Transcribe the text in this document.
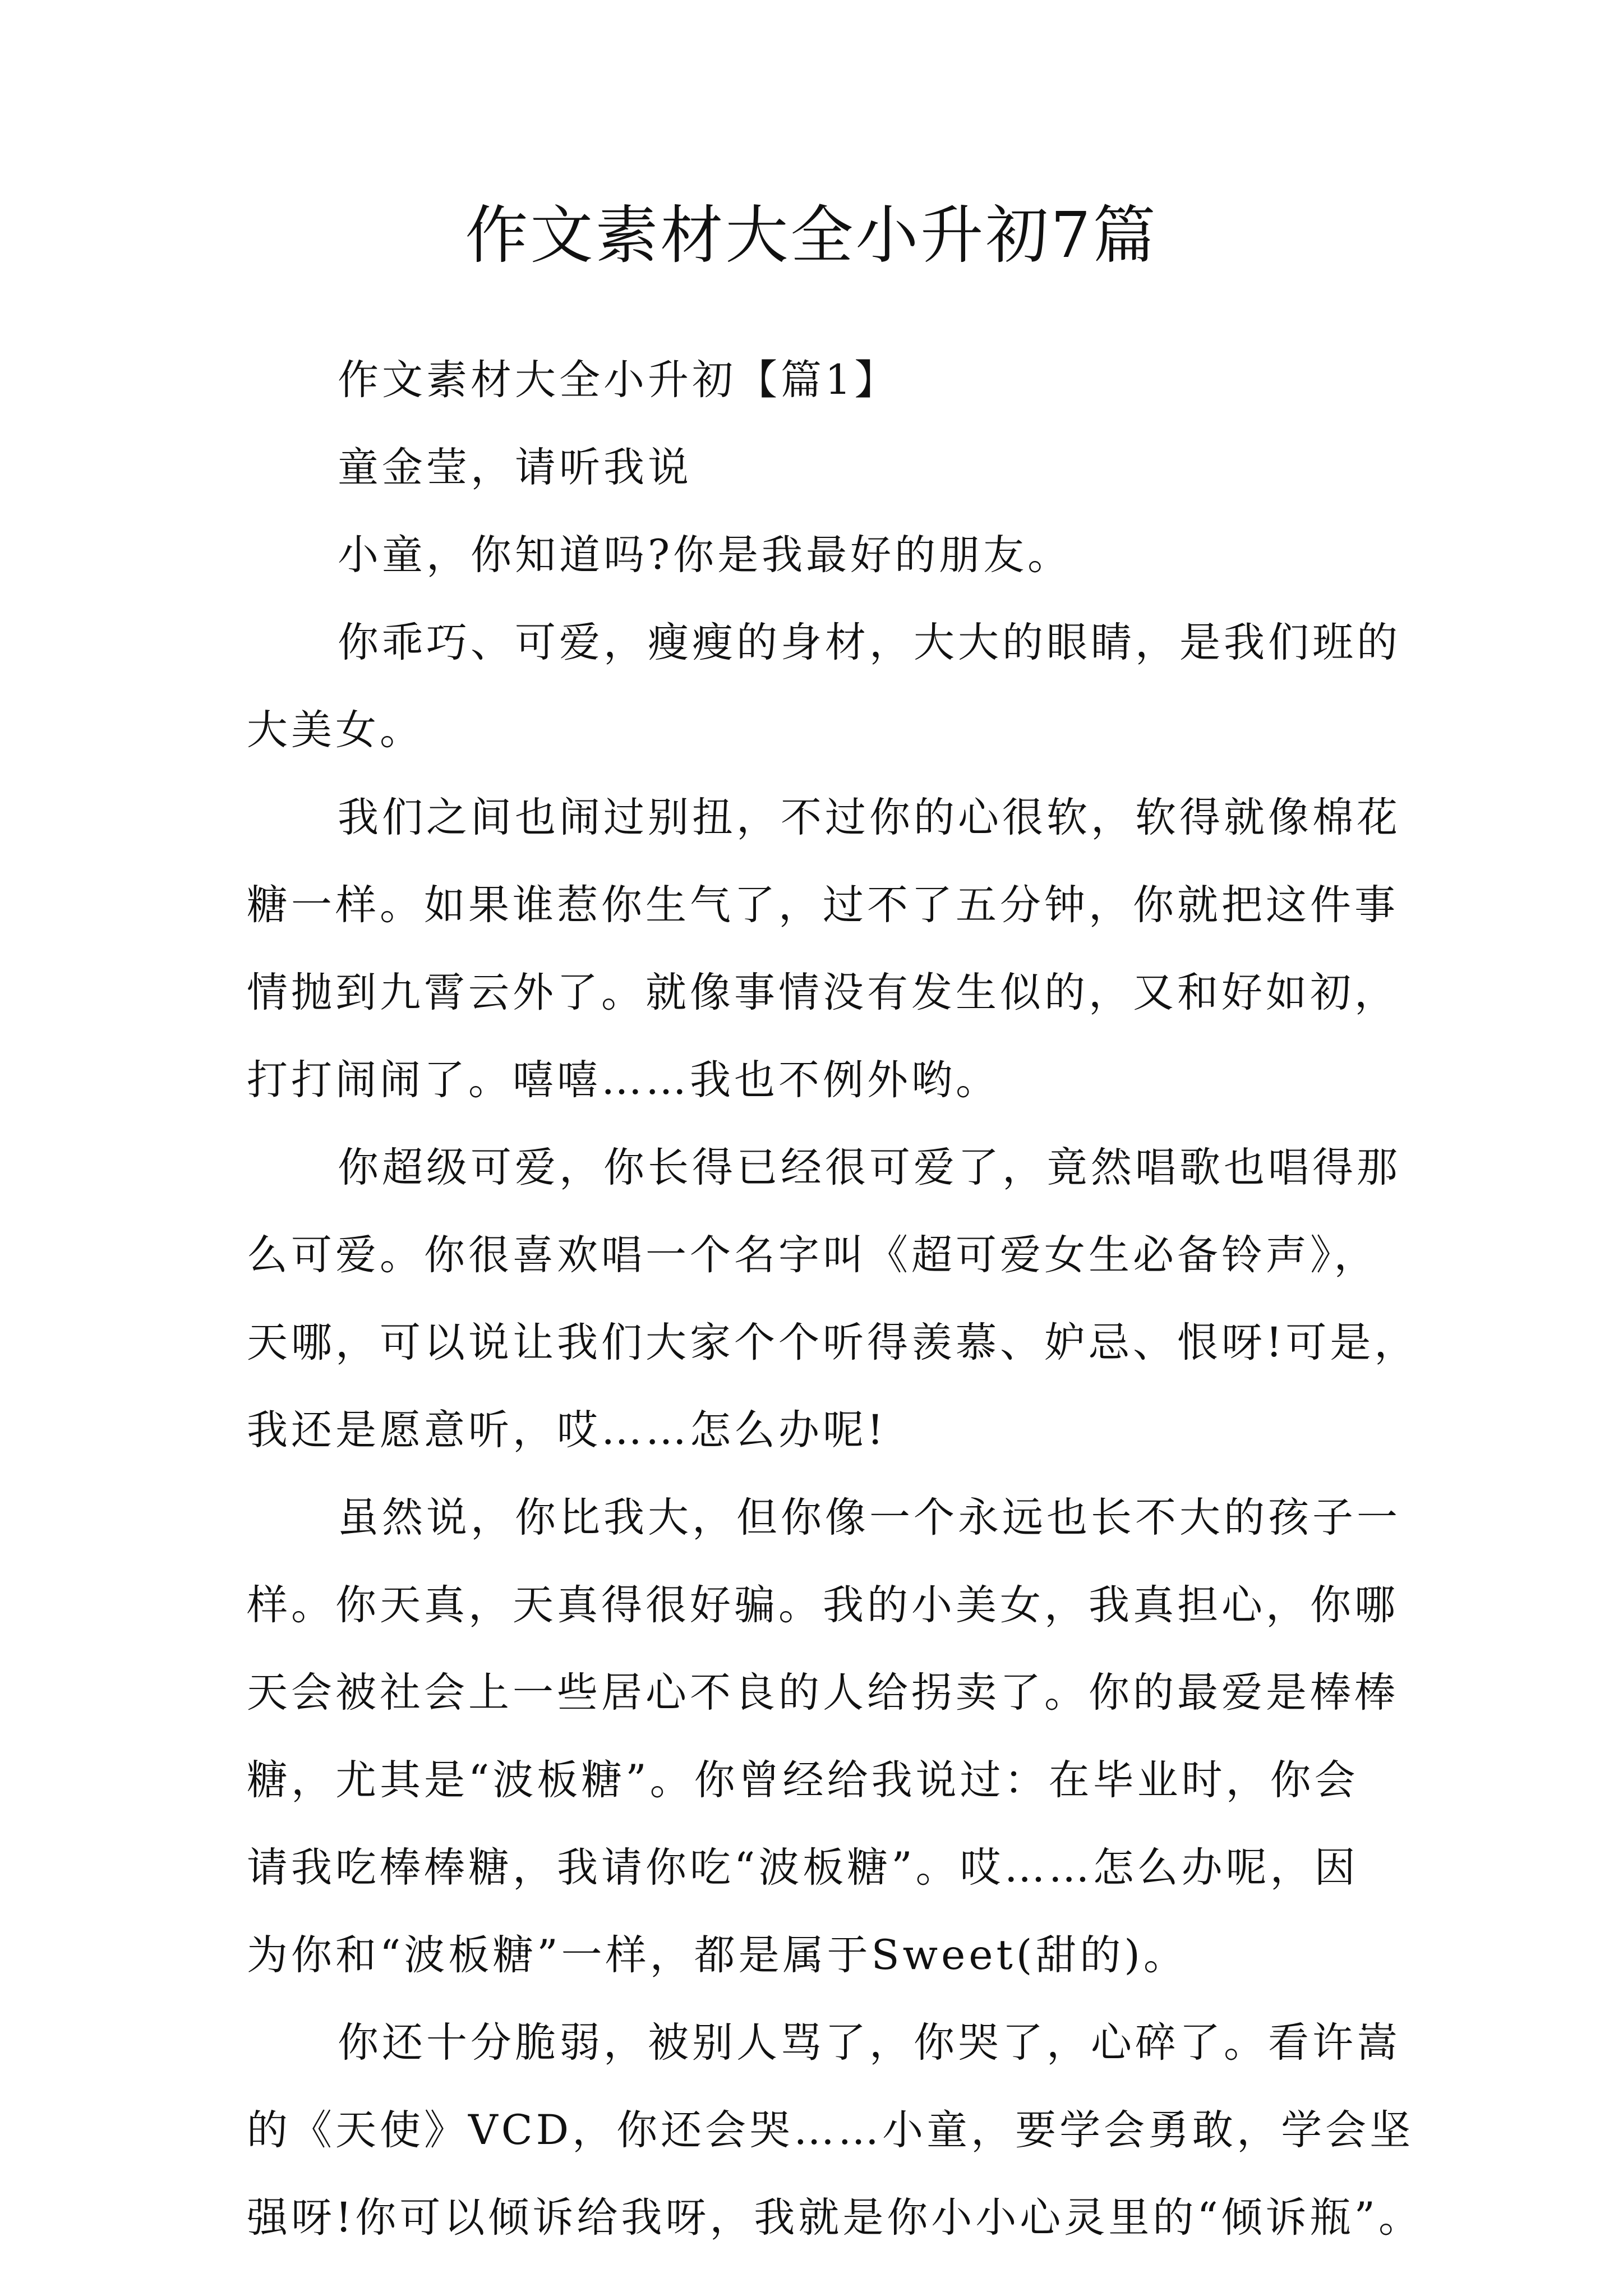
作文素材大全小升初7篇

作文素材大全小升初【篇1】

童金莹，请听我说

小童，你知道吗?你是我最好的朋友。

你乖巧、可爱，瘦瘦的身材，大大的眼睛，是我们班的

大美女。

我们之间也闹过别扭，不过你的心很软，软得就像棉花

糖一样。如果谁惹你生气了，过不了五分钟，你就把这件事

情抛到九霄云外了。就像事情没有发生似的，又和好如初，

打打闹闹了。嘻嘻……我也不例外哟。

你超级可爱，你长得已经很可爱了，竟然唱歌也唱得那

么可爱。你很喜欢唱一个名字叫《超可爱女生必备铃声》，

天哪，可以说让我们大家个个听得羡慕、妒忌、恨呀!可是，

我还是愿意听，哎……怎么办呢!

虽然说，你比我大，但你像一个永远也长不大的孩子一

样。你天真，天真得很好骗。我的小美女，我真担心，你哪

天会被社会上一些居心不良的人给拐卖了。你的最爱是棒棒

糖，尤其是“波板糖”。你曾经给我说过：在毕业时，你会

请我吃棒棒糖，我请你吃“波板糖”。哎……怎么办呢，因

为你和“波板糖”一样，都是属于Sweet(甜的)。

你还十分脆弱，被别人骂了，你哭了，心碎了。看许嵩

的《天使》VCD，你还会哭……小童，要学会勇敢，学会坚

强呀!你可以倾诉给我呀，我就是你小小心灵里的“倾诉瓶”。
